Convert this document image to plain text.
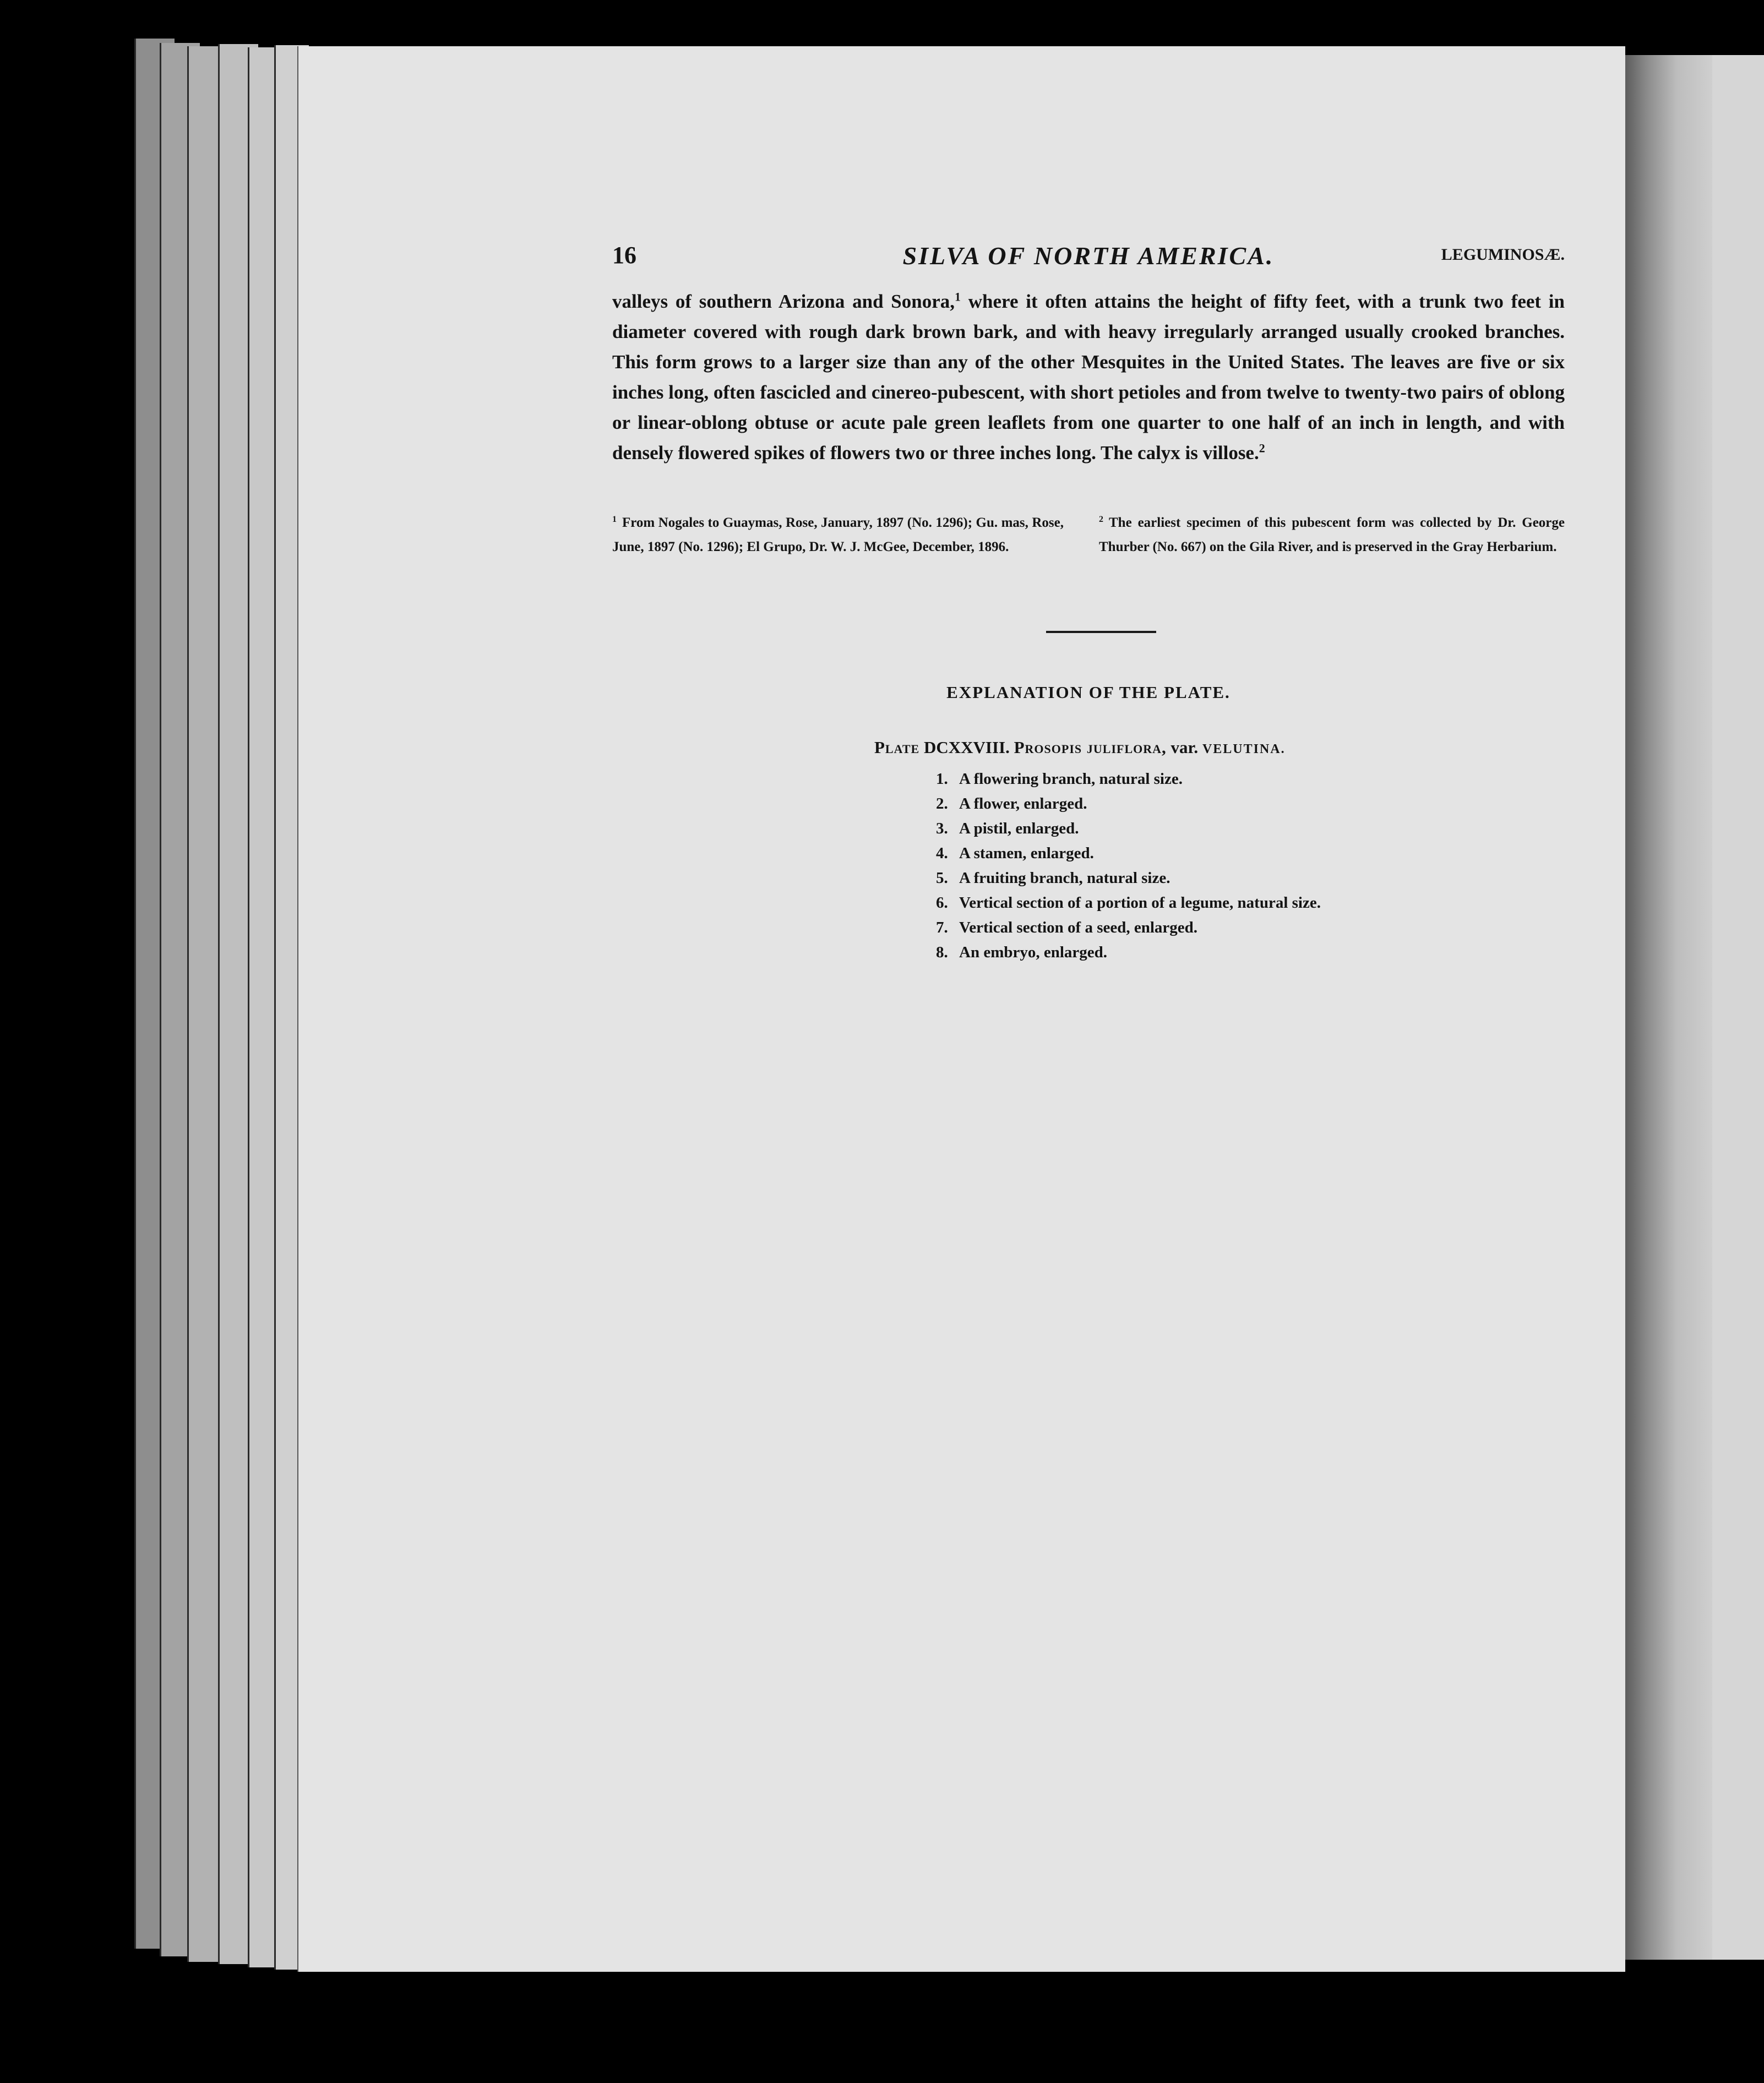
16	SILVA OF NORTH AMERICA.	LEGUMINOSÆ.
valleys of southern Arizona and Sonora,$^1$ where it often attains the height of fifty feet, with a trunk two feet in diameter covered with rough dark brown bark, and with heavy irregularly arranged usually crooked branches. This form grows to a larger size than any of the other Mesquites in the United States. The leaves are five or six inches long, often fascicled and cinereo-pubescent, with short petioles and from twelve to twenty-two pairs of oblong or linear-oblong obtuse or acute pale green leaflets from one quarter to one half of an inch in length, and with densely flowered spikes of flowers two or three inches long. The calyx is villose.$^2$
$^1$ From Nogales to Guaymas, Rose, January, 1897 (No. 1296); Gu. mas, Rose, June, 1897 (No. 1296); El Grupo, Dr. W. J. McGee, December, 1896.
$^2$ The earliest specimen of this pubescent form was collected by Dr. George Thurber (No. 667) on the Gila River, and is preserved in the Gray Herbarium.
EXPLANATION OF THE PLATE.
Plate DCXXVIII. Prosopis juliflora, var. VELUTINA.
1. A flowering branch, natural size.
2. A flower, enlarged.
3. A pistil, enlarged.
4. A stamen, enlarged.
5. A fruiting branch, natural size.
6. Vertical section of a portion of a legume, natural size.
7. Vertical section of a seed, enlarged.
8. An embryo, enlarged.
